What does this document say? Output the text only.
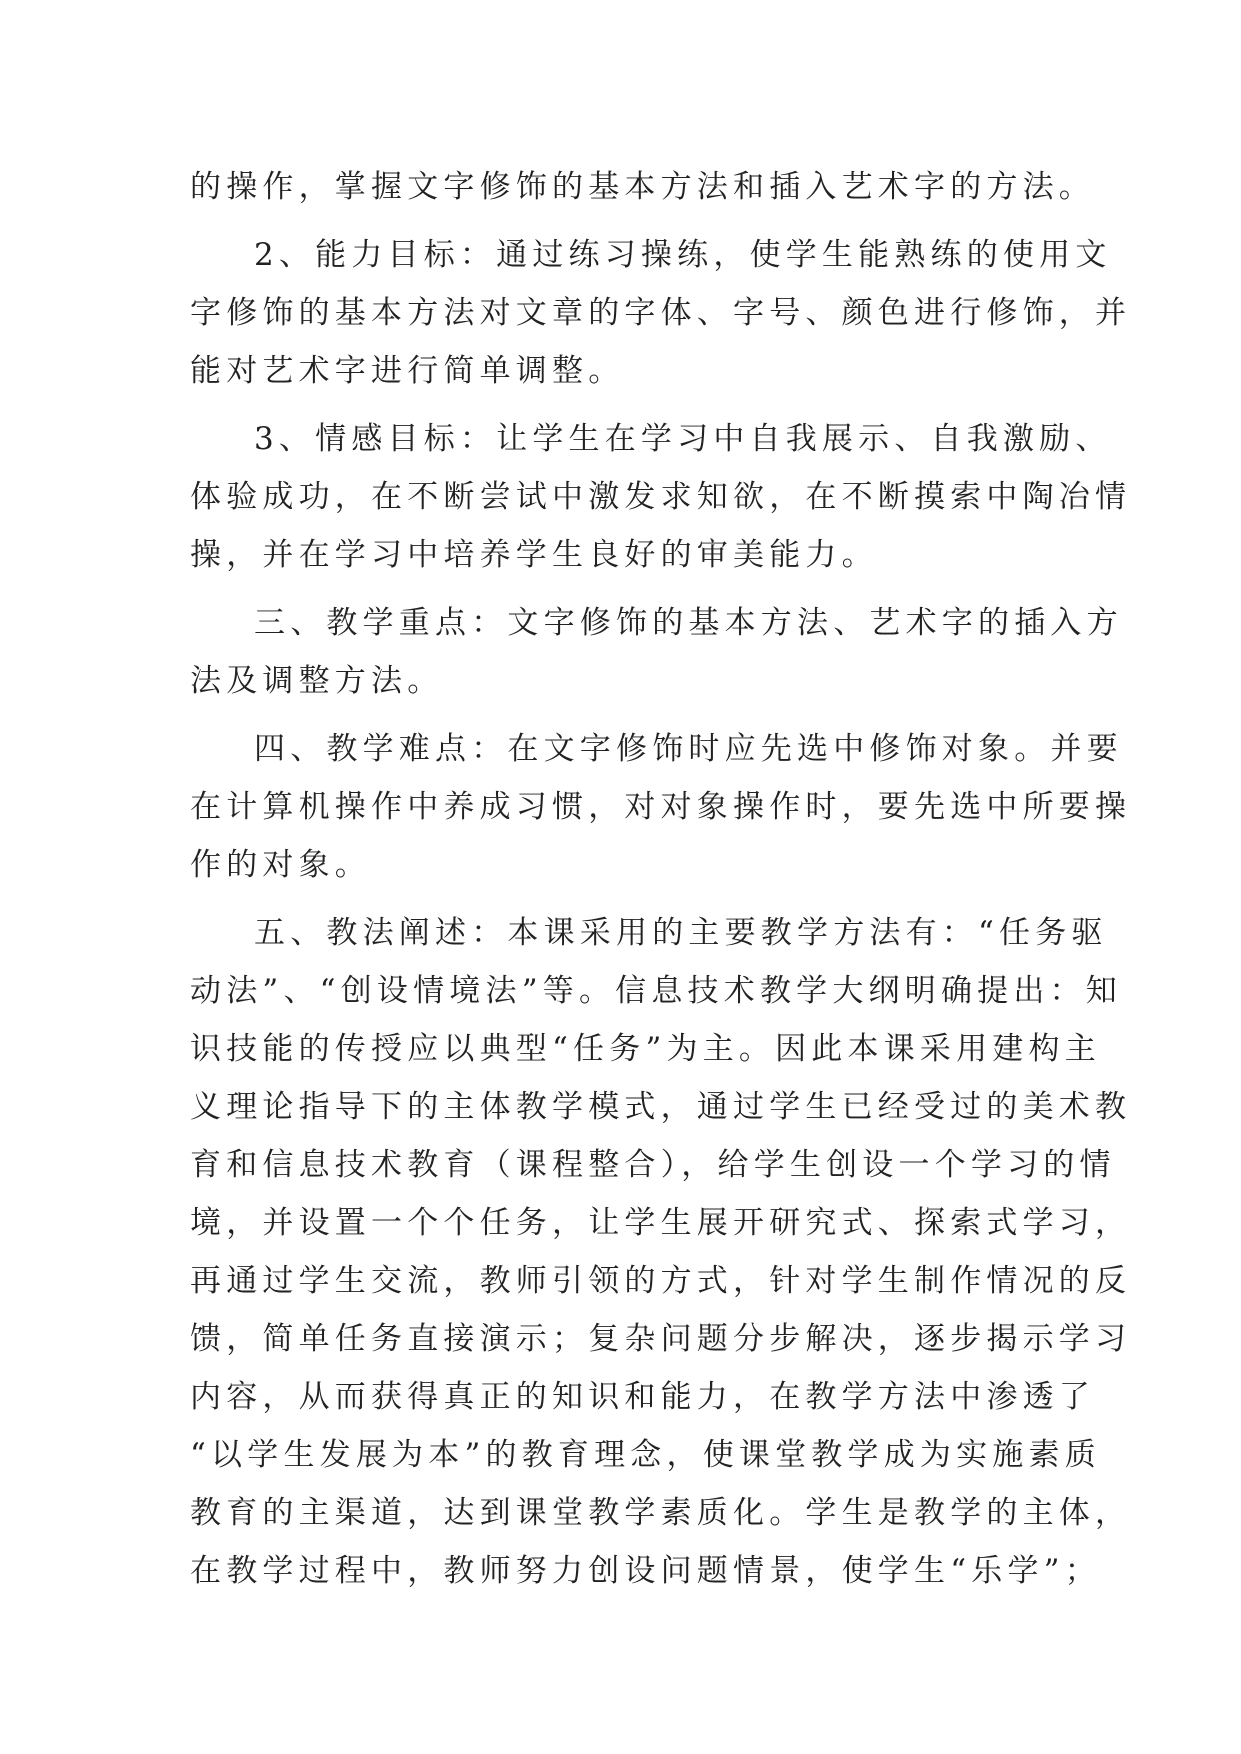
的操作，掌握文字修饰的基本方法和插入艺术字的方法。
2、能力目标：通过练习操练，使学生能熟练的使用文
字修饰的基本方法对文章的字体、字号、颜色进行修饰，并
能对艺术字进行简单调整。
3、情感目标：让学生在学习中自我展示、自我激励、
体验成功，在不断尝试中激发求知欲，在不断摸索中陶冶情
操，并在学习中培养学生良好的审美能力。
三、教学重点：文字修饰的基本方法、艺术字的插入方
法及调整方法。
四、教学难点：在文字修饰时应先选中修饰对象。并要
在计算机操作中养成习惯，对对象操作时，要先选中所要操
作的对象。
五、教法阐述：本课采用的主要教学方法有：“任务驱
动法”、“创设情境法”等。信息技术教学大纲明确提出：知
识技能的传授应以典型“任务”为主。因此本课采用建构主
义理论指导下的主体教学模式，通过学生已经受过的美术教
育和信息技术教育（课程整合），给学生创设一个学习的情
境，并设置一个个任务，让学生展开研究式、探索式学习，
再通过学生交流，教师引领的方式，针对学生制作情况的反
馈，简单任务直接演示；复杂问题分步解决，逐步揭示学习
内容，从而获得真正的知识和能力，在教学方法中渗透了
“以学生发展为本”的教育理念，使课堂教学成为实施素质
教育的主渠道，达到课堂教学素质化。学生是教学的主体，
在教学过程中，教师努力创设问题情景，使学生“乐学”；
